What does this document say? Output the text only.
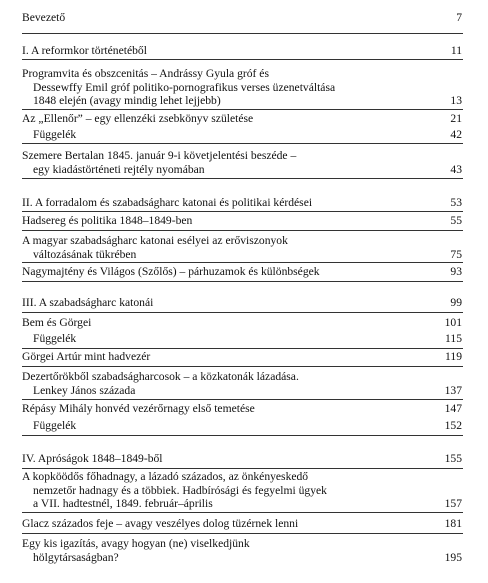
Bevezető	7
I. A reformkor történetéből	11
Programvita és obszcenitás – Andrássy Gyula gróf és
Dessewffy Emil gróf politiko-pornografikus verses üzenetváltása
1848 elején (avagy mindig lehet lejjebb)	13
Az „Ellenőr” – egy ellenzéki zsebkönyv születése	21
Függelék	42
Szemere Bertalan 1845. január 9-i követjelentési beszéde –
egy kiadástörténeti rejtély nyomában	43
II. A forradalom és szabadságharc katonai és politikai kérdései	53
Hadsereg és politika 1848–1849-ben	55
A magyar szabadságharc katonai esélyei az erőviszonyok
változásának tükrében	75
Nagymajtény és Világos (Szőlős) – párhuzamok és különbségek	93
III. A szabadságharc katonái	99
Bem és Görgei	101
Függelék	115
Görgei Artúr mint hadvezér	119
Dezertőrökből szabadságharcosok – a közkatonák lázadása.
Lenkey János százada	137
Répásy Mihály honvéd vezérőrnagy első temetése	147
Függelék	152
IV. Apróságok 1848–1849-ből	155
A kopköödős főhadnagy, a lázadó százados, az önkényeskedő
nemzetőr hadnagy és a többiek. Hadbírósági és fegyelmi ügyek
a VII. hadtestnél, 1849. február–április	157
Glacz százados feje – avagy veszélyes dolog tüzérnek lenni	181
Egy kis igazítás, avagy hogyan (ne) viselkedjünk
hölgytársaságban?	195
